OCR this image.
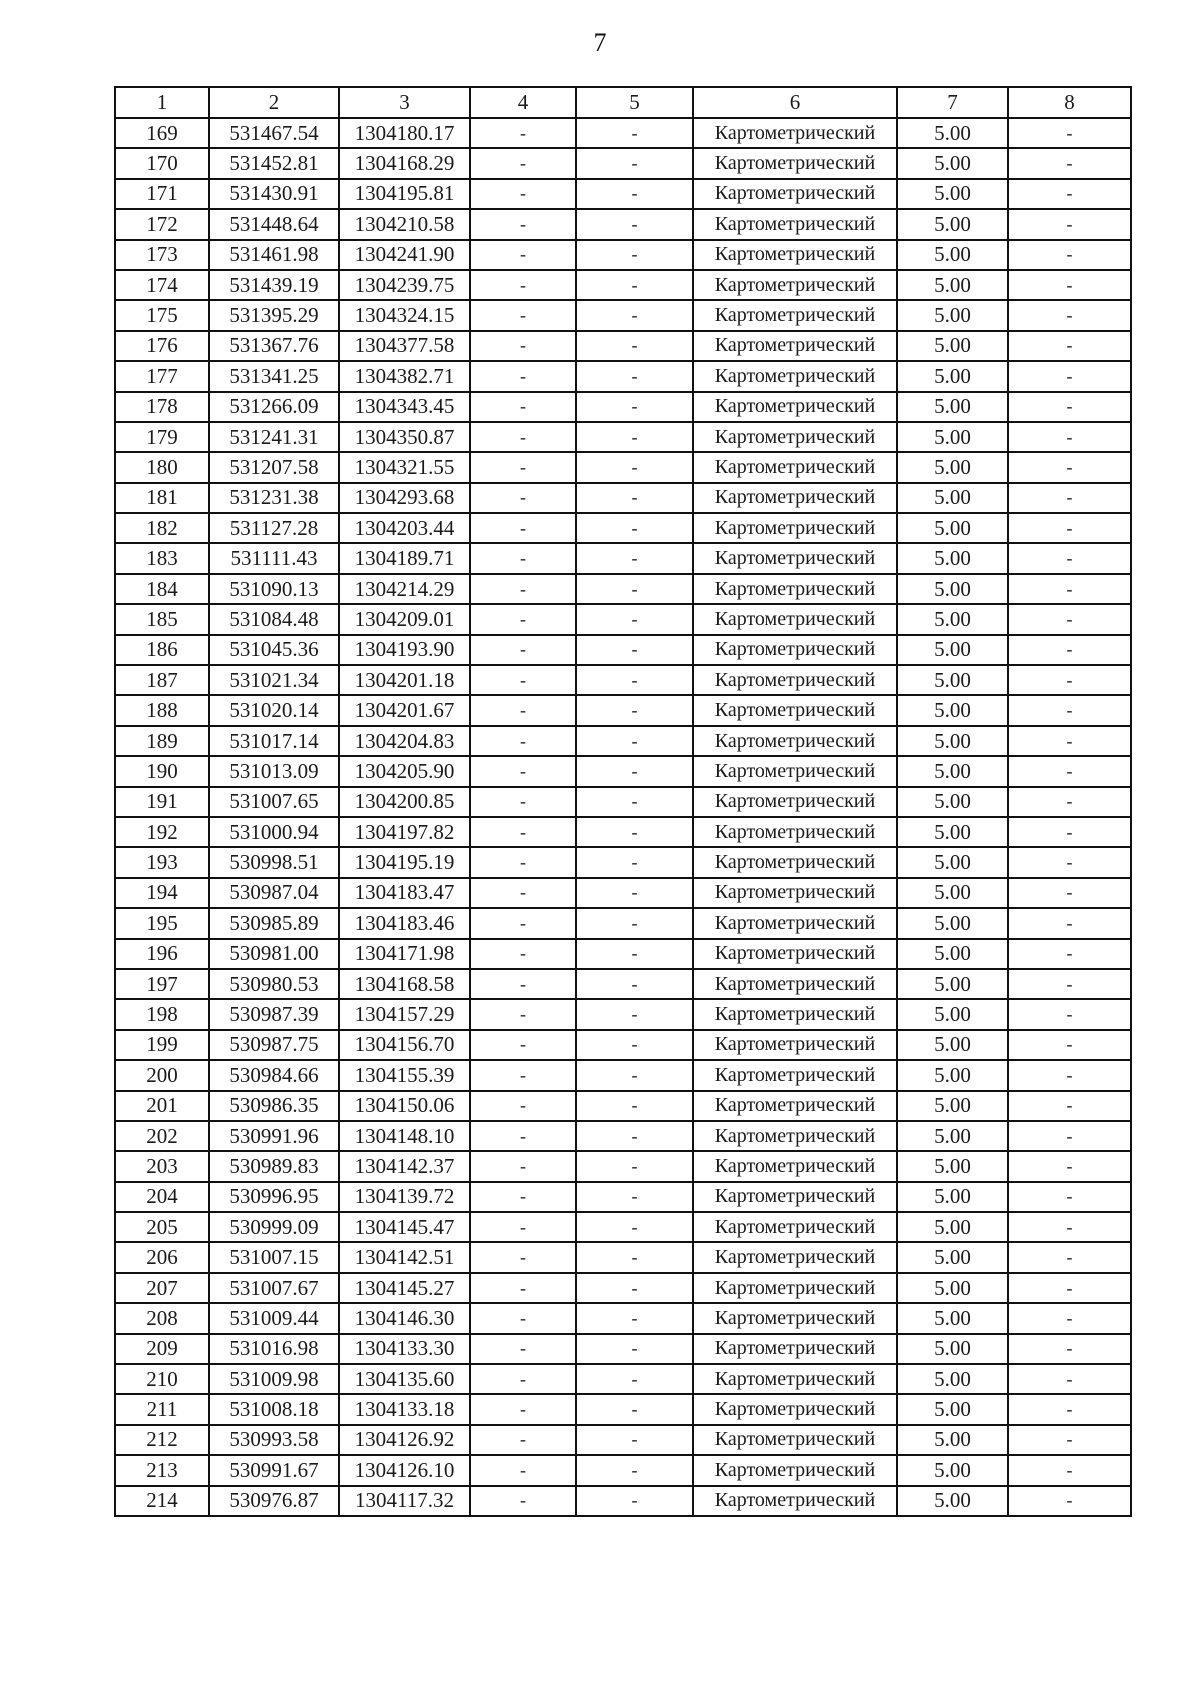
7
1	2	3	4	5	6	7	8
169	531467.54	1304180.17	-	-	Картометрический	5.00	-
170	531452.81	1304168.29	-	-	Картометрический	5.00	-
171	531430.91	1304195.81	-	-	Картометрический	5.00	-
172	531448.64	1304210.58	-	-	Картометрический	5.00	-
173	531461.98	1304241.90	-	-	Картометрический	5.00	-
174	531439.19	1304239.75	-	-	Картометрический	5.00	-
175	531395.29	1304324.15	-	-	Картометрический	5.00	-
176	531367.76	1304377.58	-	-	Картометрический	5.00	-
177	531341.25	1304382.71	-	-	Картометрический	5.00	-
178	531266.09	1304343.45	-	-	Картометрический	5.00	-
179	531241.31	1304350.87	-	-	Картометрический	5.00	-
180	531207.58	1304321.55	-	-	Картометрический	5.00	-
181	531231.38	1304293.68	-	-	Картометрический	5.00	-
182	531127.28	1304203.44	-	-	Картометрический	5.00	-
183	531111.43	1304189.71	-	-	Картометрический	5.00	-
184	531090.13	1304214.29	-	-	Картометрический	5.00	-
185	531084.48	1304209.01	-	-	Картометрический	5.00	-
186	531045.36	1304193.90	-	-	Картометрический	5.00	-
187	531021.34	1304201.18	-	-	Картометрический	5.00	-
188	531020.14	1304201.67	-	-	Картометрический	5.00	-
189	531017.14	1304204.83	-	-	Картометрический	5.00	-
190	531013.09	1304205.90	-	-	Картометрический	5.00	-
191	531007.65	1304200.85	-	-	Картометрический	5.00	-
192	531000.94	1304197.82	-	-	Картометрический	5.00	-
193	530998.51	1304195.19	-	-	Картометрический	5.00	-
194	530987.04	1304183.47	-	-	Картометрический	5.00	-
195	530985.89	1304183.46	-	-	Картометрический	5.00	-
196	530981.00	1304171.98	-	-	Картометрический	5.00	-
197	530980.53	1304168.58	-	-	Картометрический	5.00	-
198	530987.39	1304157.29	-	-	Картометрический	5.00	-
199	530987.75	1304156.70	-	-	Картометрический	5.00	-
200	530984.66	1304155.39	-	-	Картометрический	5.00	-
201	530986.35	1304150.06	-	-	Картометрический	5.00	-
202	530991.96	1304148.10	-	-	Картометрический	5.00	-
203	530989.83	1304142.37	-	-	Картометрический	5.00	-
204	530996.95	1304139.72	-	-	Картометрический	5.00	-
205	530999.09	1304145.47	-	-	Картометрический	5.00	-
206	531007.15	1304142.51	-	-	Картометрический	5.00	-
207	531007.67	1304145.27	-	-	Картометрический	5.00	-
208	531009.44	1304146.30	-	-	Картометрический	5.00	-
209	531016.98	1304133.30	-	-	Картометрический	5.00	-
210	531009.98	1304135.60	-	-	Картометрический	5.00	-
211	531008.18	1304133.18	-	-	Картометрический	5.00	-
212	530993.58	1304126.92	-	-	Картометрический	5.00	-
213	530991.67	1304126.10	-	-	Картометрический	5.00	-
214	530976.87	1304117.32	-	-	Картометрический	5.00	-
